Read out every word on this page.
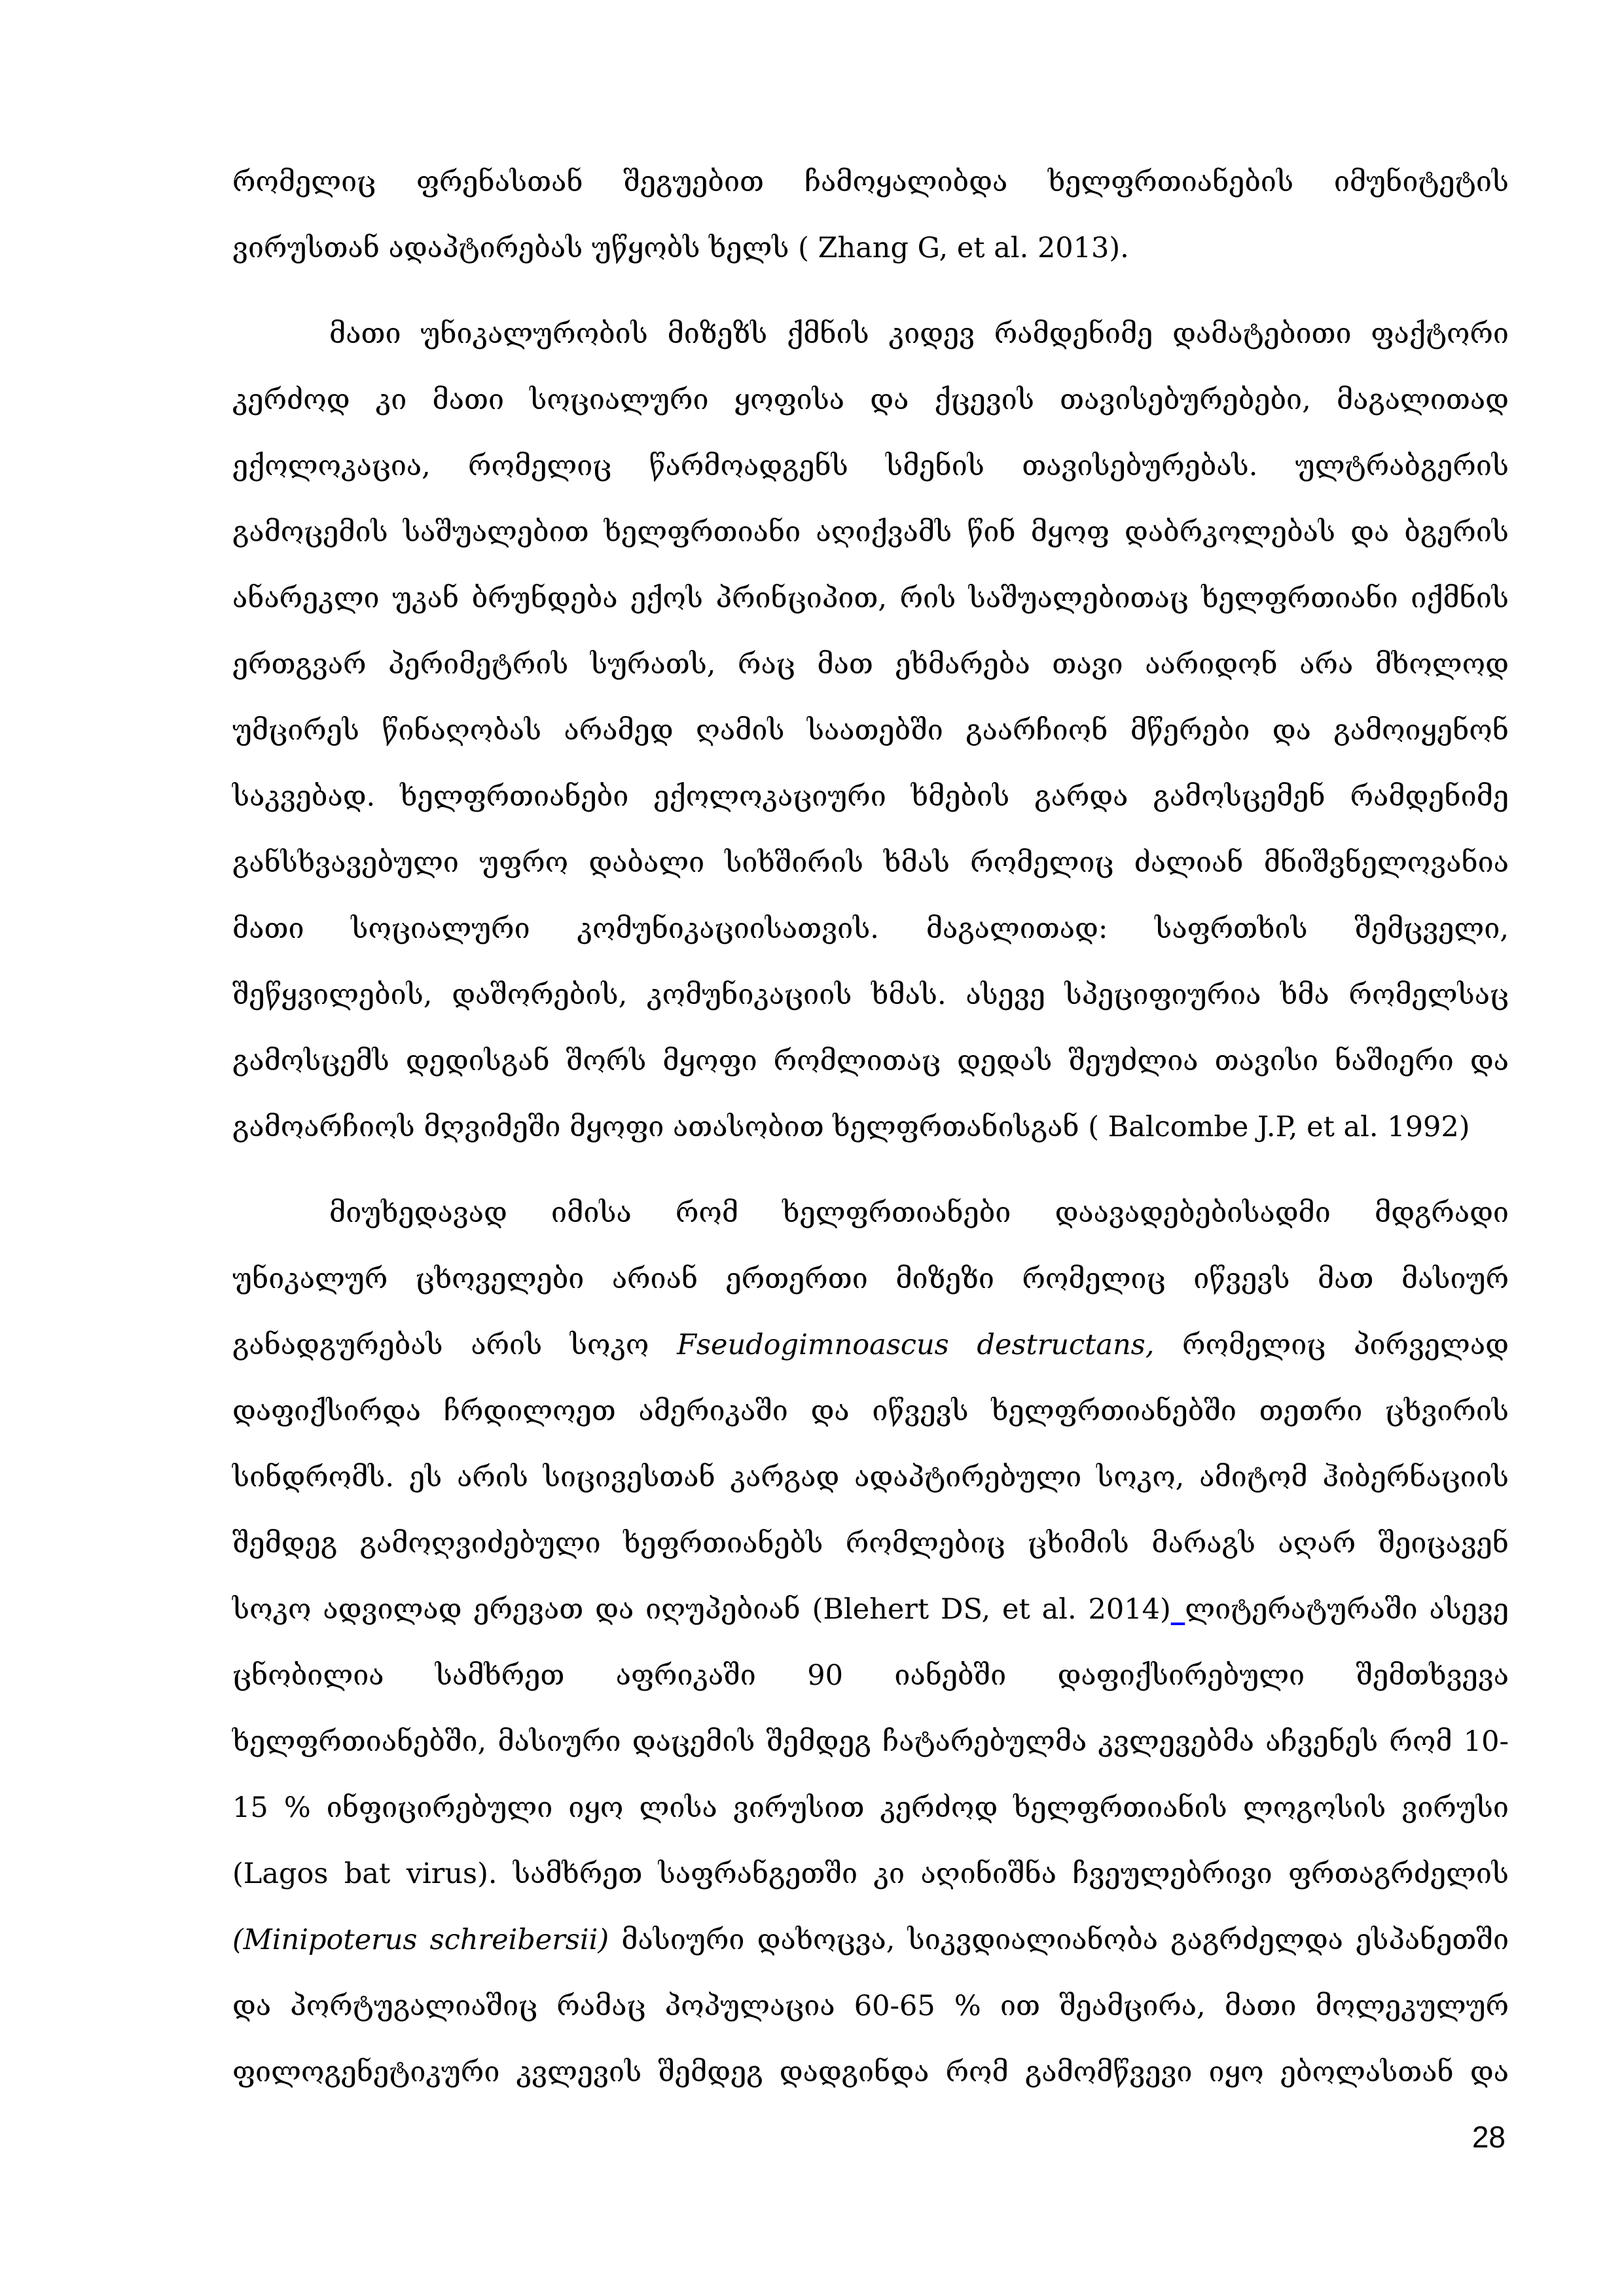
რომელიც ფრენასთან შეგუებით ჩამოყალიბდა ხელფრთიანების იმუნიტეტის
ვირუსთან ადაპტირებას უწყობს ხელს ( Zhang G, et al. 2013).
მათი უნიკალურობის მიზეზს ქმნის კიდევ რამდენიმე დამატებითი ფაქტორი
კერძოდ კი მათი სოციალური ყოფისა და ქცევის თავისებურებები, მაგალითად
ექოლოკაცია, რომელიც წარმოადგენს სმენის თავისებურებას. ულტრაბგერის
გამოცემის საშუალებით ხელფრთიანი აღიქვამს წინ მყოფ დაბრკოლებას და ბგერის
ანარეკლი უკან ბრუნდება ექოს პრინციპით, რის საშუალებითაც ხელფრთიანი იქმნის
ერთგვარ პერიმეტრის სურათს, რაც მათ ეხმარება თავი აარიდონ არა მხოლოდ
უმცირეს წინაღობას არამედ ღამის საათებში გაარჩიონ მწერები და გამოიყენონ
საკვებად. ხელფრთიანები ექოლოკაციური ხმების გარდა გამოსცემენ რამდენიმე
განსხვავებული უფრო დაბალი სიხშირის ხმას რომელიც ძალიან მნიშვნელოვანია
მათი სოციალური კომუნიკაციისათვის. მაგალითად: საფრთხის შემცველი,
შეწყვილების, დაშორების, კომუნიკაციის ხმას. ასევე სპეციფიურია ხმა რომელსაც
გამოსცემს დედისგან შორს მყოფი რომლითაც დედას შეუძლია თავისი ნაშიერი და
გამოარჩიოს მღვიმეში მყოფი ათასობით ხელფრთანისგან ( Balcombe J.P, et al. 1992)
მიუხედავად იმისა რომ ხელფრთიანები დაავადებებისადმი მდგრადი
უნიკალურ ცხოველები არიან ერთერთი მიზეზი რომელიც იწვევს მათ მასიურ
განადგურებას არის სოკო Fseudogimnoascus destructans, რომელიც პირველად
დაფიქსირდა ჩრდილოეთ ამერიკაში და იწვევს ხელფრთიანებში თეთრი ცხვირის
სინდრომს. ეს არის სიცივესთან კარგად ადაპტირებული სოკო, ამიტომ ჰიბერნაციის
შემდეგ გამოღვიძებული ხეფრთიანებს რომლებიც ცხიმის მარაგს აღარ შეიცავენ
სოკო ადვილად ერევათ და იღუპებიან (Blehert DS, et al. 2014)_ლიტერატურაში ასევე
ცნობილია სამხრეთ აფრიკაში 90 იანებში დაფიქსირებული შემთხვევა
ხელფრთიანებში, მასიური დაცემის შემდეგ ჩატარებულმა კვლევებმა აჩვენეს რომ 10-
15 % ინფიცირებული იყო ლისა ვირუსით კერძოდ ხელფრთიანის ლოგოსის ვირუსი
(Lagos bat virus). სამხრეთ საფრანგეთში კი აღინიშნა ჩვეულებრივი ფრთაგრძელის
(Minipoterus schreibersii) მასიური დახოცვა, სიკვდიალიანობა გაგრძელდა ესპანეთში
და პორტუგალიაშიც რამაც პოპულაცია 60-65 % ით შეამცირა, მათი მოლეკულურ
ფილოგენეტიკური კვლევის შემდეგ დადგინდა რომ გამომწვევი იყო ებოლასთან და
28
